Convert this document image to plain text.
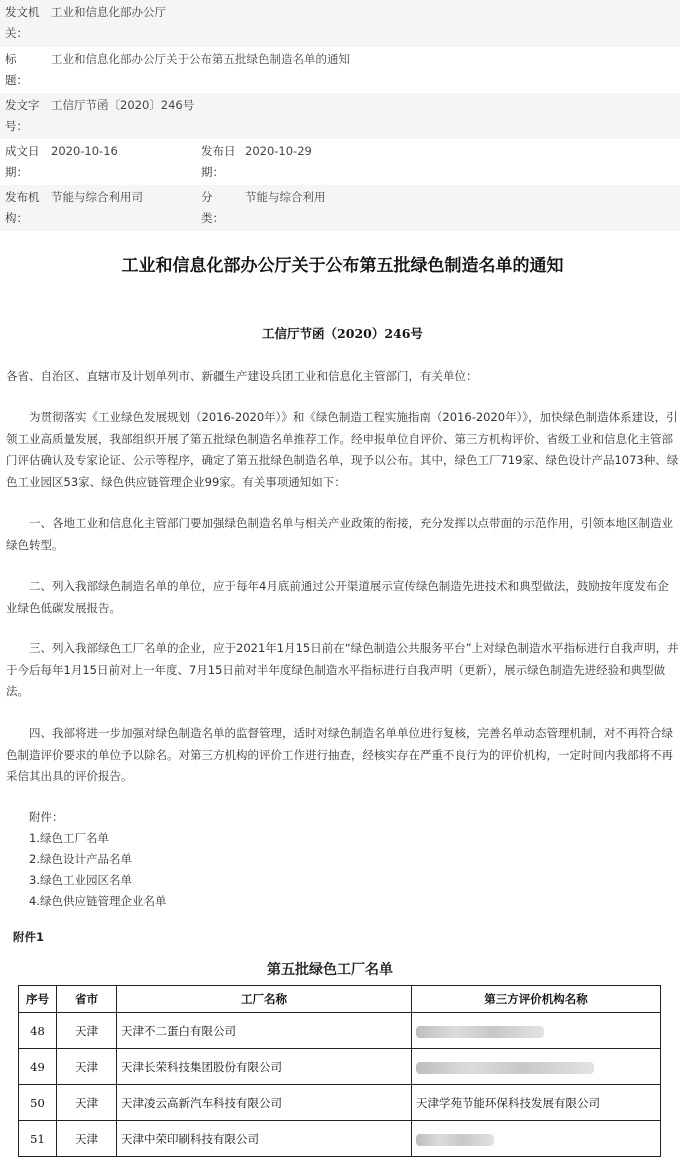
发文机关：	工业和信息化部办公厅		
标　　题：	工业和信息化部办公厅关于公布第五批绿色制造名单的通知		
发文字号：	工信厅节函〔2020〕246号		
成文日期：	2020-10-16	发布日期：	2020-10-29
发布机构：	节能与综合利用司	分　　类：	节能与综合利用
工业和信息化部办公厅关于公布第五批绿色制造名单的通知
工信厅节函（2020）246号

各省、自治区、直辖市及计划单列市、新疆生产建设兵团工业和信息化主管部门，有关单位：

为贯彻落实《工业绿色发展规划（2016-2020年）》和《绿色制造工程实施指南（2016-2020年）》，加快绿色制造体系建设，引领工业高质量发展，我部组织开展了第五批绿色制造名单推荐工作。经申报单位自评价、第三方机构评价、省级工业和信息化主管部门评估确认及专家论证、公示等程序，确定了第五批绿色制造名单，现予以公布。其中，绿色工厂719家、绿色设计产品1073种、绿色工业园区53家、绿色供应链管理企业99家。有关事项通知如下：

一、各地工业和信息化主管部门要加强绿色制造名单与相关产业政策的衔接，充分发挥以点带面的示范作用，引领本地区制造业绿色转型。

二、列入我部绿色制造名单的单位，应于每年4月底前通过公开渠道展示宣传绿色制造先进技术和典型做法，鼓励按年度发布企业绿色低碳发展报告。

三、列入我部绿色工厂名单的企业，应于2021年1月15日前在“绿色制造公共服务平台”上对绿色制造水平指标进行自我声明，并于今后每年1月15日前对上一年度、7月15日前对半年度绿色制造水平指标进行自我声明（更新），展示绿色制造先进经验和典型做法。

四、我部将进一步加强对绿色制造名单的监督管理，适时对绿色制造名单单位进行复核，完善名单动态管理机制，对不再符合绿色制造评价要求的单位予以除名。对第三方机构的评价工作进行抽查，经核实存在严重不良行为的评价机构，一定时间内我部将不再采信其出具的评价报告。

附件：
1.绿色工厂名单
2.绿色设计产品名单
3.绿色工业园区名单
4.绿色供应链管理企业名单
附件1
第五批绿色工厂名单
序号	省市	工厂名称	第三方评价机构名称
48	天津	天津不二蛋白有限公司	
49	天津	天津长荣科技集团股份有限公司	
50	天津	天津凌云高新汽车科技有限公司	天津学苑节能环保科技发展有限公司
51	天津	天津中荣印刷科技有限公司	
